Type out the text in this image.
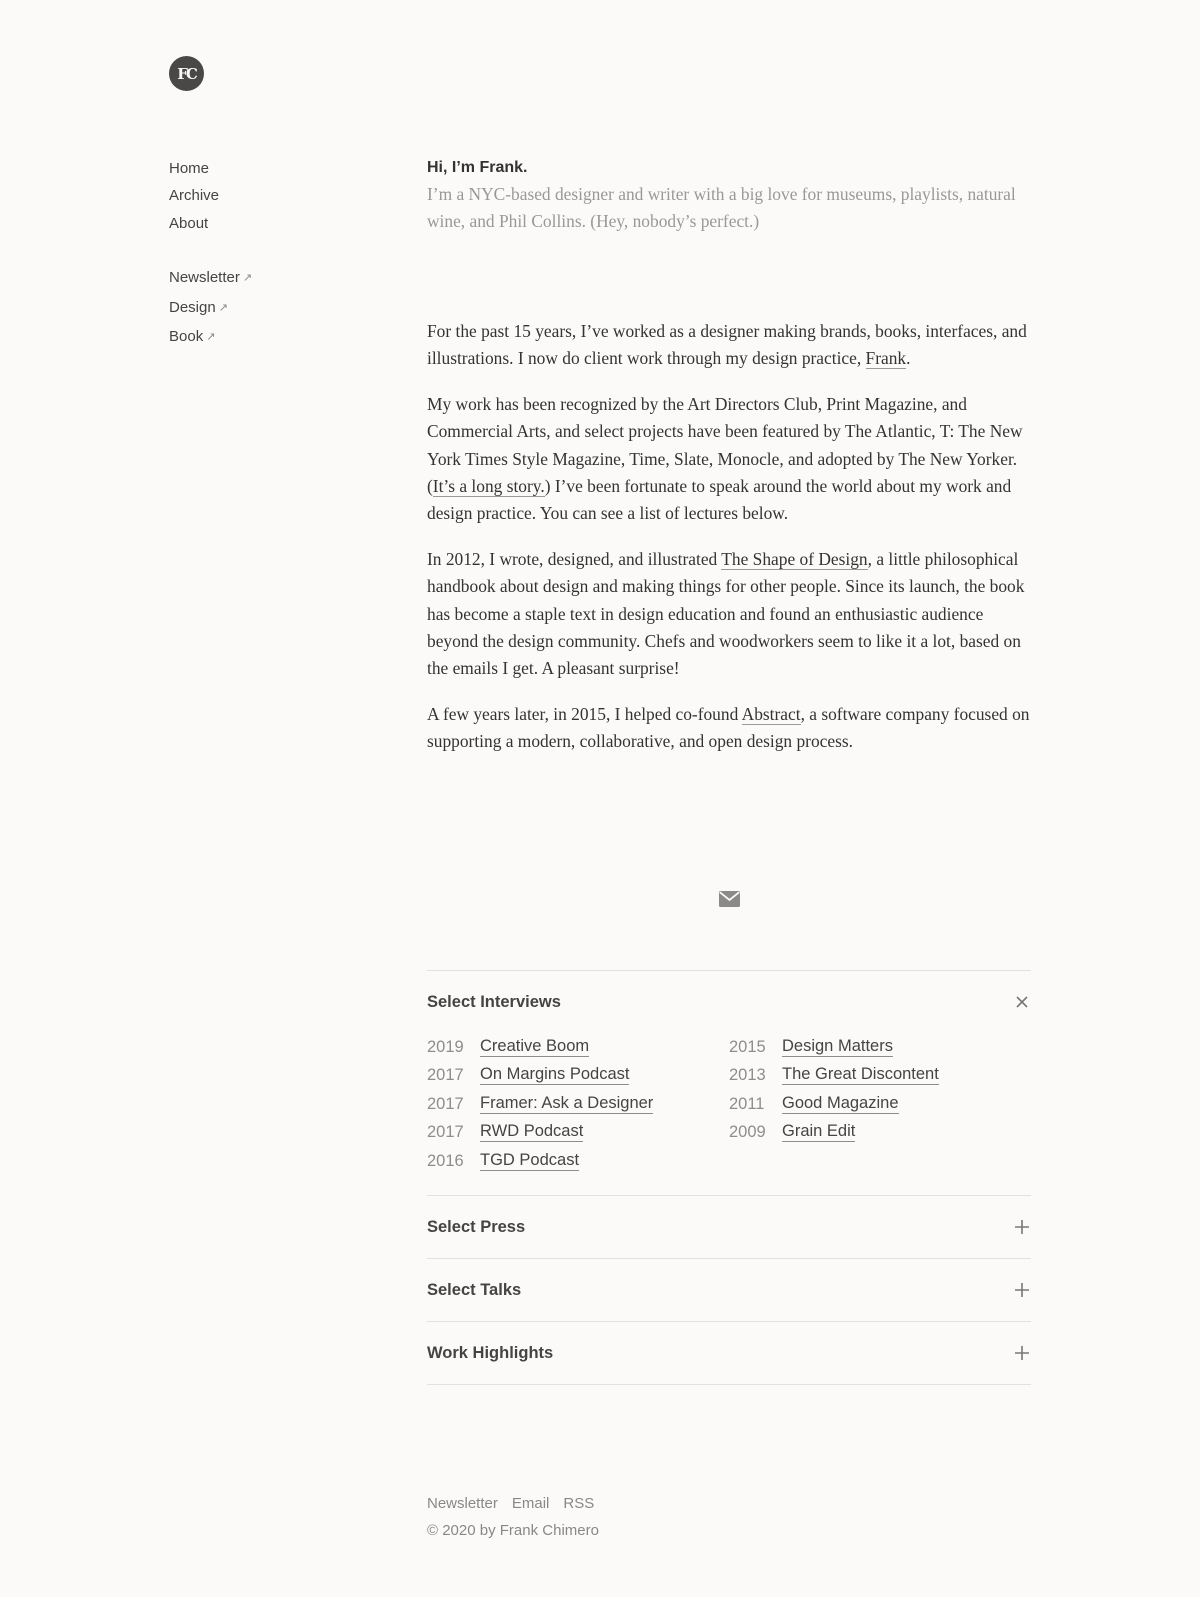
FC
Home
Archive
About
Newsletter ↗
Design ↗
Book ↗
Hi, I’m Frank.
I’m a NYC-based designer and writer with a big love for museums, playlists, natural wine, and Phil Collins. (Hey, nobody’s perfect.)

For the past 15 years, I’ve worked as a designer making brands, books, interfaces, and illustrations. I now do client work through my design practice, Frank.

My work has been recognized by the Art Directors Club, Print Magazine, and Commercial Arts, and select projects have been featured by The Atlantic, T: The New York Times Style Magazine, Time, Slate, Monocle, and adopted by The New Yorker. (It’s a long story.) I’ve been fortunate to speak around the world about my work and design practice. You can see a list of lectures below.

In 2012, I wrote, designed, and illustrated The Shape of Design, a little philosophical handbook about design and making things for other people. Since its launch, the book has become a staple text in design education and found an enthusiastic audience beyond the design community. Chefs and woodworkers seem to like it a lot, based on the emails I get. A pleasant surprise!

A few years later, in 2015, I helped co-found Abstract, a software company focused on supporting a modern, collaborative, and open design process.

Select Interviews
2019 Creative Boom
2017 On Margins Podcast
2017 Framer: Ask a Designer
2017 RWD Podcast
2016 TGD Podcast
2015 Design Matters
2013 The Great Discontent
2011	Good Magazine
2009 Grain Edit
Select Press
Select Talks
Work Highlights
Newsletter Email RSS
© 2020 by Frank Chimero
